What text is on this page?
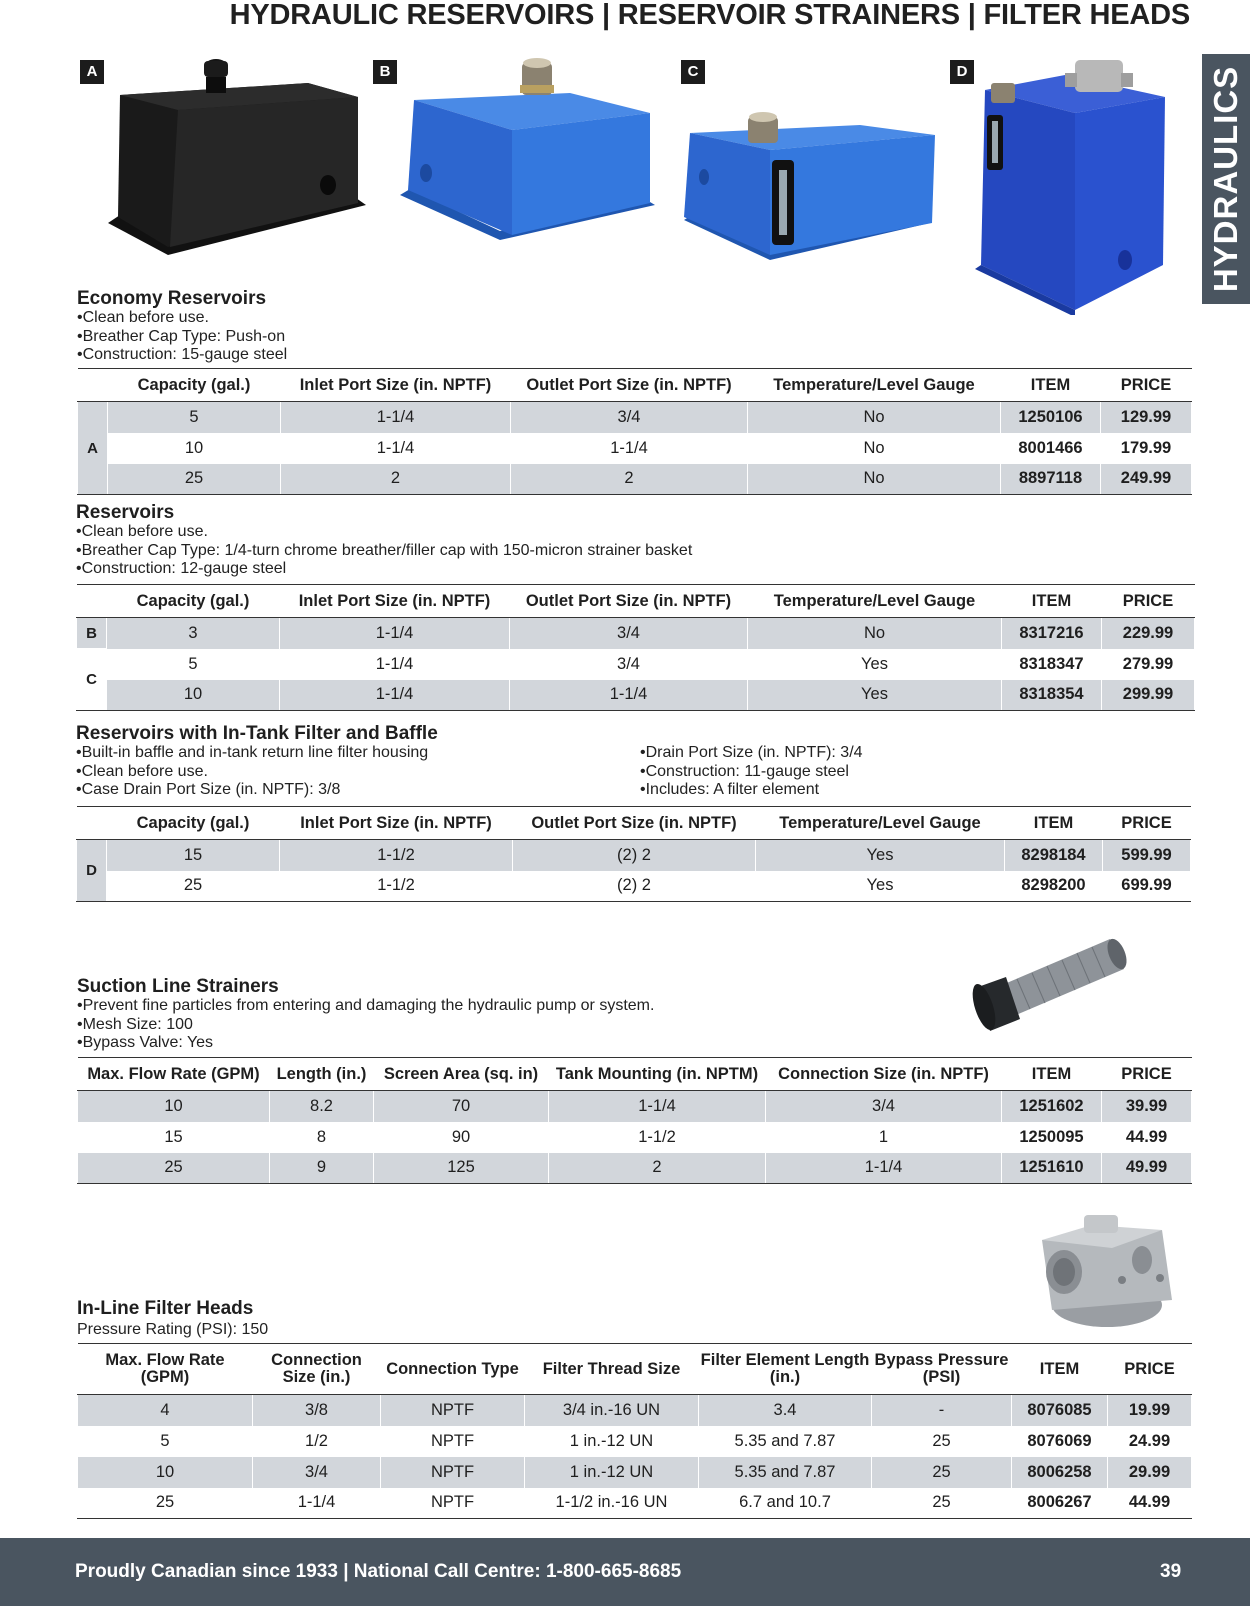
HYDRAULIC RESERVOIRS | RESERVOIR STRAINERS | FILTER HEADS
HYDRAULICS
A	B	C	D
Economy Reservoirs
•Clean before use.
•Breather Cap Type: Push-on
•Construction: 15-gauge steel
	Capacity (gal.)	Inlet Port Size (in. NPTF)	Outlet Port Size (in. NPTF)	Temperature/Level Gauge	ITEM	PRICE
A	5	1-1/4	3/4	No	1250106	129.99
	10	1-1/4	1-1/4	No	8001466	179.99
	25	2	2	No	8897118	249.99
Reservoirs
•Clean before use.
•Breather Cap Type: 1/4-turn chrome breather/filler cap with 150-micron strainer basket
•Construction: 12-gauge steel
	Capacity (gal.)	Inlet Port Size (in. NPTF)	Outlet Port Size (in. NPTF)	Temperature/Level Gauge	ITEM	PRICE
B	3	1-1/4	3/4	No	8317216	229.99
C	5	1-1/4	3/4	Yes	8318347	279.99
	10	1-1/4	1-1/4	Yes	8318354	299.99
Reservoirs with In-Tank Filter and Baffle
•Built-in baffle and in-tank return line filter housing
•Clean before use.
•Case Drain Port Size (in. NPTF): 3/8
•Drain Port Size (in. NPTF): 3/4
•Construction: 11-gauge steel
•Includes: A filter element
	Capacity (gal.)	Inlet Port Size (in. NPTF)	Outlet Port Size (in. NPTF)	Temperature/Level Gauge	ITEM	PRICE
D	15	1-1/2	(2) 2	Yes	8298184	599.99
	25	1-1/2	(2) 2	Yes	8298200	699.99
Suction Line Strainers
•Prevent fine particles from entering and damaging the hydraulic pump or system.
•Mesh Size: 100
•Bypass Valve: Yes
Max. Flow Rate (GPM)	Length (in.)	Screen Area (sq. in)	Tank Mounting (in. NPTM)	Connection Size (in. NPTF)	ITEM	PRICE
10	8.2	70	1-1/4	3/4	1251602	39.99
15	8	90	1-1/2	1	1250095	44.99
25	9	125	2	1-1/4	1251610	49.99
In-Line Filter Heads
Pressure Rating (PSI): 150
Max. Flow Rate (GPM)	Connection Size (in.)	Connection Type	Filter Thread Size	Filter Element Length (in.)	Bypass Pressure (PSI)	ITEM	PRICE
4	3/8	NPTF	3/4 in.-16 UN	3.4	-	8076085	19.99
5	1/2	NPTF	1 in.-12 UN	5.35 and 7.87	25	8076069	24.99
10	3/4	NPTF	1 in.-12 UN	5.35 and 7.87	25	8006258	29.99
25	1-1/4	NPTF	1-1/2 in.-16 UN	6.7 and 10.7	25	8006267	44.99
Proudly Canadian since 1933 | National Call Centre: 1-800-665-8685	39
